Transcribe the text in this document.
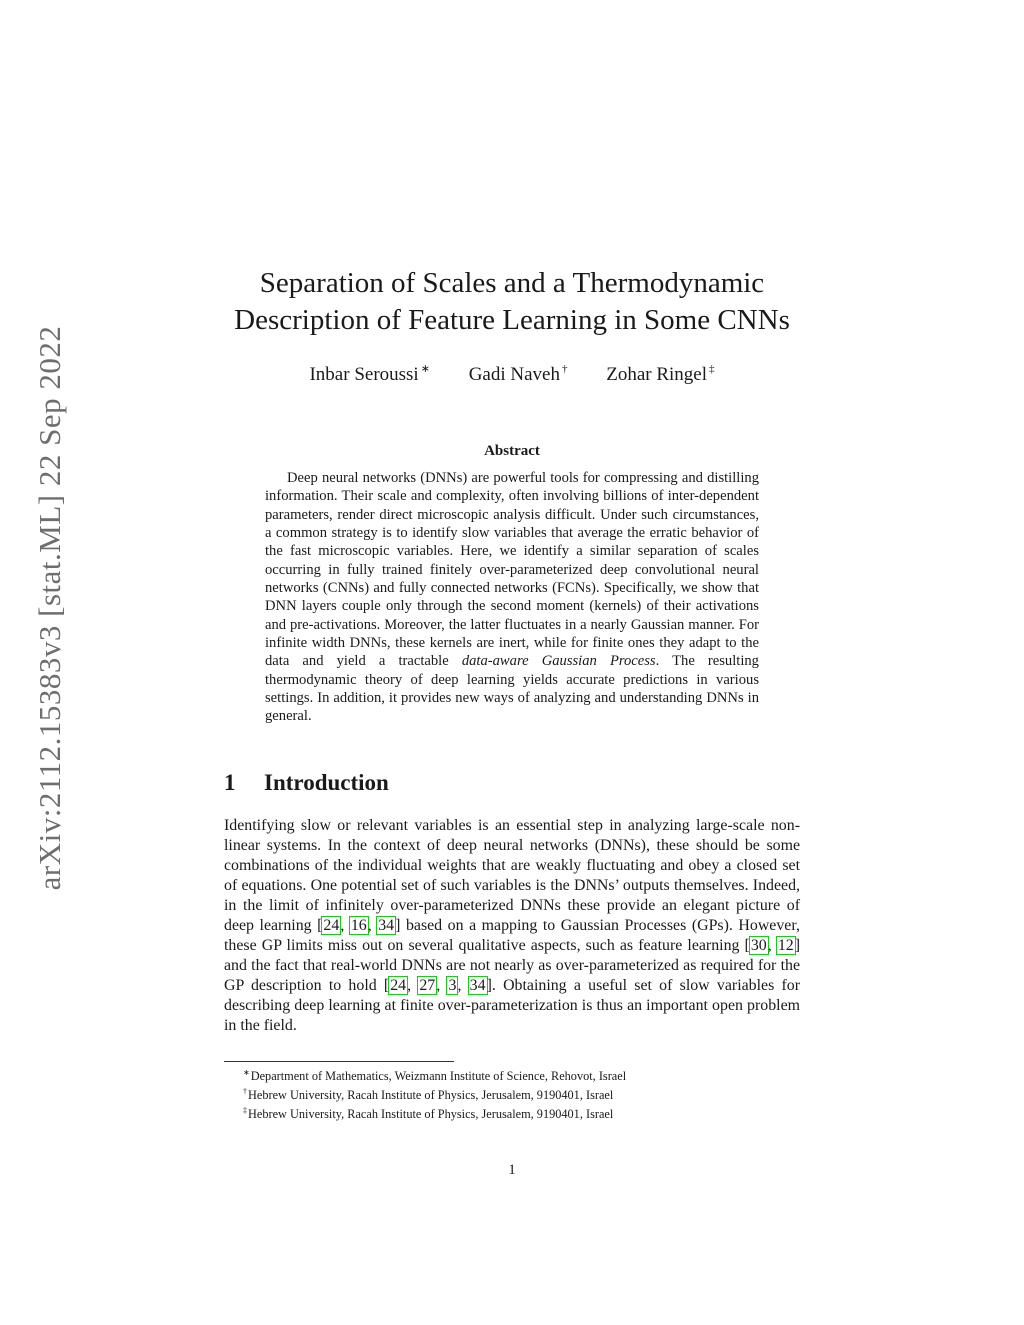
arXiv:2112.15383v3 [stat.ML] 22 Sep 2022
Separation of Scales and a Thermodynamic
Description of Feature Learning in Some CNNs
Inbar Seroussi ∗ Gadi Naveh † Zohar Ringel ‡
Abstract

Deep neural networks (DNNs) are powerful tools for compressing and distilling information. Their scale and complexity, often involving billions of inter-dependent parameters, render direct microscopic analysis difficult. Under such circumstances, a common strategy is to identify slow variables that average the erratic behavior of the fast microscopic variables. Here, we identify a similar separation of scales occurring in fully trained finitely over-parameterized deep convolutional neural networks (CNNs) and fully connected networks (FCNs). Specifically, we show that DNN layers couple only through the second moment (kernels) of their activations and pre-activations. Moreover, the latter fluctuates in a nearly Gaussian manner. For infinite width DNNs, these kernels are inert, while for finite ones they adapt to the data and yield a tractable data-aware Gaussian Process. The resulting thermodynamic theory of deep learning yields accurate predictions in various settings. In addition, it provides new ways of analyzing and understanding DNNs in general.

1 Introduction

Identifying slow or relevant variables is an essential step in analyzing large-scale non-linear systems. In the context of deep neural networks (DNNs), these should be some combinations of the individual weights that are weakly fluctuating and obey a closed set of equations. One potential set of such variables is the DNNs’ outputs themselves. Indeed, in the limit of infinitely over-parameterized DNNs these provide an elegant picture of deep learning [24, 16, 34] based on a mapping to Gaussian Processes (GPs). However, these GP limits miss out on several qualitative aspects, such as feature learning [30, 12] and the fact that real-world DNNs are not nearly as over-parameterized as required for the GP description to hold [24, 27, 3, 34]. Obtaining a useful set of slow variables for describing deep learning at finite over-parameterization is thus an important open problem in the field.

∗Department of Mathematics, Weizmann Institute of Science, Rehovot, Israel
†Hebrew University, Racah Institute of Physics, Jerusalem, 9190401, Israel
‡Hebrew University, Racah Institute of Physics, Jerusalem, 9190401, Israel
1
